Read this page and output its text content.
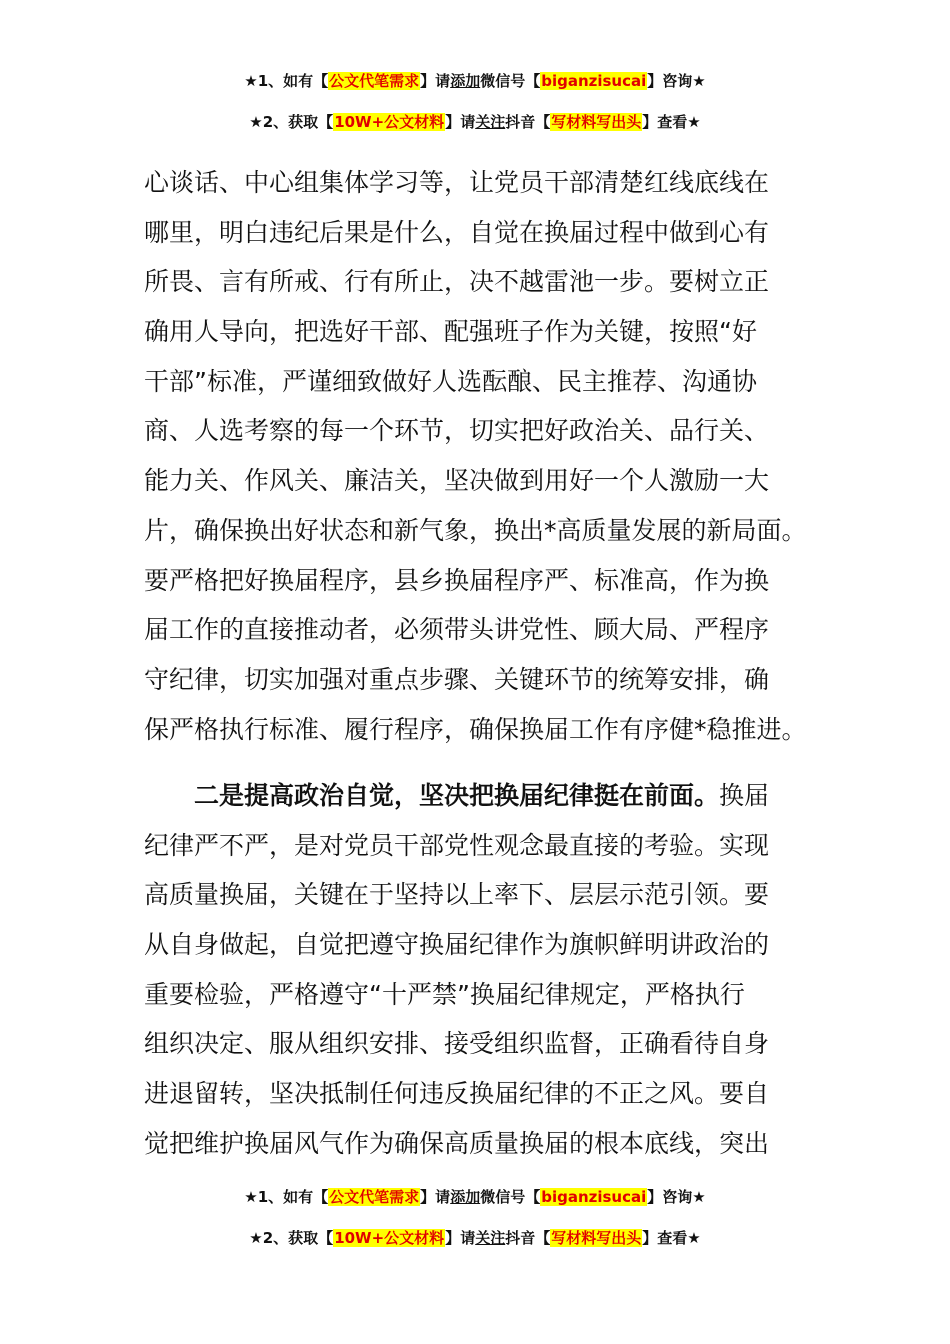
★1、如有【公文代笔需求】请添加微信号【biganzisucai】咨询★
★2、获取【10W+公文材料】请关注抖音【写材料写出头】查看★
心谈话、中心组集体学习等，让党员干部清楚红线底线在
哪里，明白违纪后果是什么，自觉在换届过程中做到心有
所畏、言有所戒、行有所止，决不越雷池一步。要树立正
确用人导向，把选好干部、配强班子作为关键，按照“好
干部”标准，严谨细致做好人选酝酿、民主推荐、沟通协
商、人选考察的每一个环节，切实把好政治关、品行关、
能力关、作风关、廉洁关，坚决做到用好一个人激励一大
片，确保换出好状态和新气象，换出*高质量发展的新局面。
要严格把好换届程序，县乡换届程序严、标准高，作为换
届工作的直接推动者，必须带头讲党性、顾大局、严程序
守纪律，切实加强对重点步骤、关键环节的统筹安排，确
保严格执行标准、履行程序，确保换届工作有序健*稳推进。
二是提高政治自觉，坚决把换届纪律挺在前面。换届
纪律严不严，是对党员干部党性观念最直接的考验。实现
高质量换届，关键在于坚持以上率下、层层示范引领。要
从自身做起，自觉把遵守换届纪律作为旗帜鲜明讲政治的
重要检验，严格遵守“十严禁”换届纪律规定，严格执行
组织决定、服从组织安排、接受组织监督，正确看待自身
进退留转，坚决抵制任何违反换届纪律的不正之风。要自
觉把维护换届风气作为确保高质量换届的根本底线，突出
★1、如有【公文代笔需求】请添加微信号【biganzisucai】咨询★
★2、获取【10W+公文材料】请关注抖音【写材料写出头】查看★
